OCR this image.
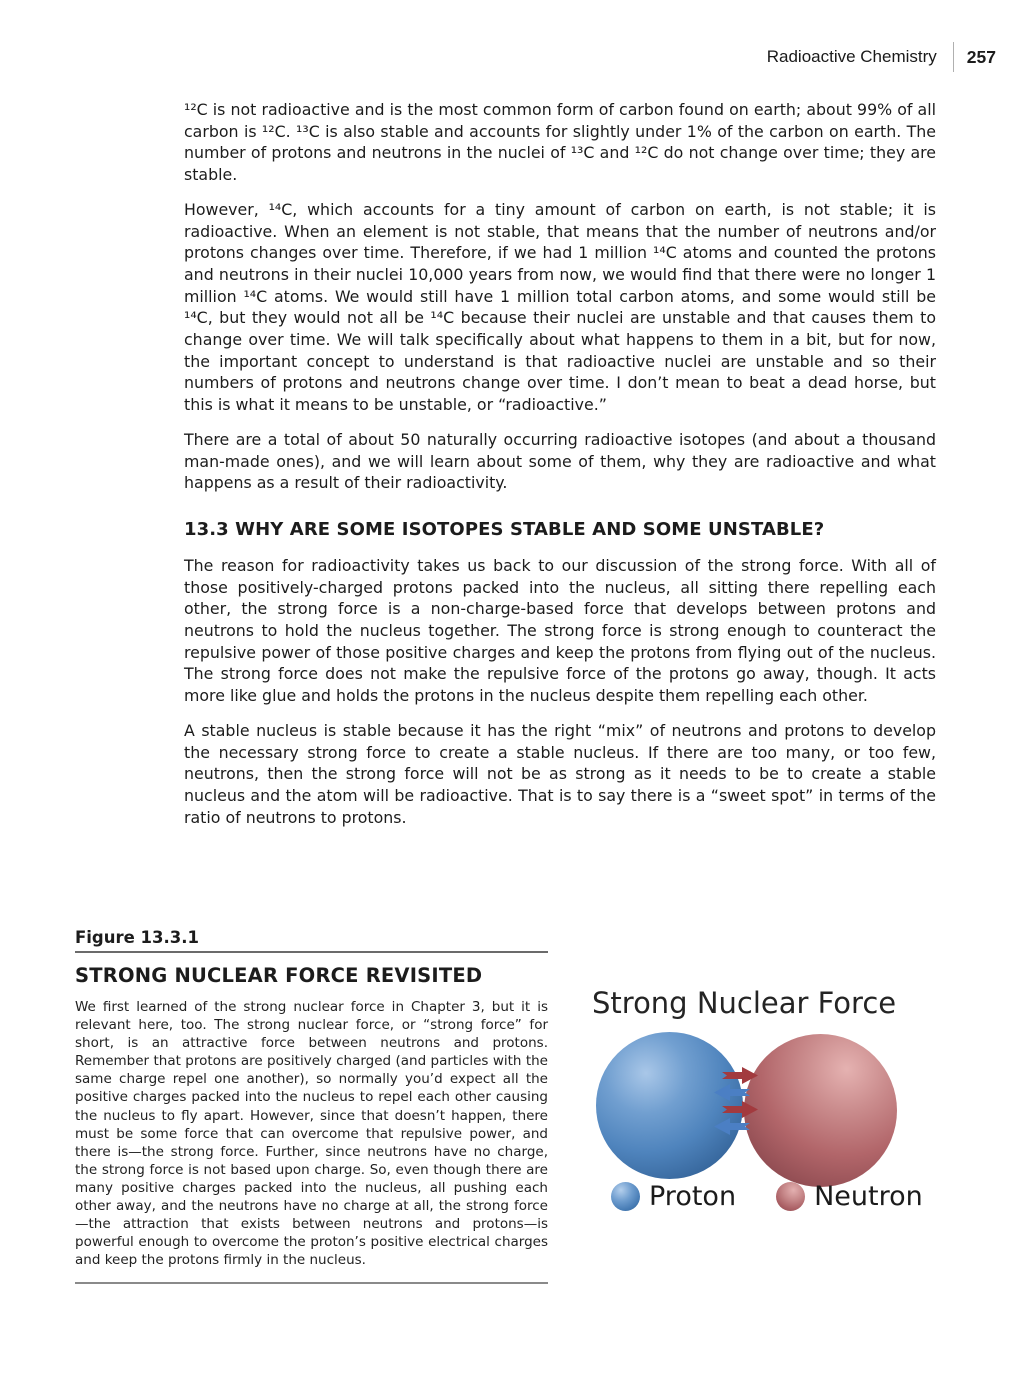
Radioactive Chemistry 257

¹²C is not radioactive and is the most common form of carbon found on earth; about 99% of all carbon is ¹²C. ¹³C is also stable and accounts for slightly under 1% of the carbon on earth. The number of protons and neutrons in the nuclei of ¹³C and ¹²C do not change over time; they are stable.

However, ¹⁴C, which accounts for a tiny amount of carbon on earth, is not stable; it is radioactive. When an element is not stable, that means that the number of neutrons and/or protons changes over time. Therefore, if we had 1 million ¹⁴C atoms and counted the protons and neutrons in their nuclei 10,000 years from now, we would find that there were no longer 1 million ¹⁴C atoms. We would still have 1 million total carbon atoms, and some would still be ¹⁴C, but they would not all be ¹⁴C because their nuclei are unstable and that causes them to change over time. We will talk specifically about what happens to them in a bit, but for now, the important concept to understand is that radioactive nuclei are unstable and so their numbers of protons and neutrons change over time. I don’t mean to beat a dead horse, but this is what it means to be unstable, or “radioactive.”

There are a total of about 50 naturally occurring radioactive isotopes (and about a thousand man-made ones), and we will learn about some of them, why they are radioactive and what happens as a result of their radioactivity.

13.3 WHY ARE SOME ISOTOPES STABLE AND SOME UNSTABLE?

The reason for radioactivity takes us back to our discussion of the strong force. With all of those positively-charged protons packed into the nucleus, all sitting there repelling each other, the strong force is a non-charge-based force that develops between protons and neutrons to hold the nucleus together. The strong force is strong enough to counteract the repulsive power of those positive charges and keep the protons from flying out of the nucleus. The strong force does not make the repulsive force of the protons go away, though. It acts more like glue and holds the protons in the nucleus despite them repelling each other.

A stable nucleus is stable because it has the right “mix” of neutrons and protons to develop the necessary strong force to create a stable nucleus. If there are too many, or too few, neutrons, then the strong force will not be as strong as it needs to be to create a stable nucleus and the atom will be radioactive. That is to say there is a “sweet spot” in terms of the ratio of neutrons to protons.

Figure 13.3.1
STRONG NUCLEAR FORCE REVISITED

We first learned of the strong nuclear force in Chapter 3, but it is relevant here, too. The strong nuclear force, or “strong force” for short, is an attractive force between neutrons and protons. Remember that protons are positively charged (and particles with the same charge repel one another), so normally you’d expect all the positive charges packed into the nucleus to repel each other causing the nucleus to fly apart. However, since that doesn’t happen, there must be some force that can overcome that repulsive power, and there is—the strong force. Further, since neutrons have no charge, the strong force is not based upon charge. So, even though there are many positive charges packed into the nucleus, all pushing each other away, and the neutrons have no charge at all, the strong force—the attraction that exists between neutrons and protons—is powerful enough to overcome the proton’s positive electrical charges and keep the protons firmly in the nucleus.

Strong Nuclear Force
Proton	Neutron
